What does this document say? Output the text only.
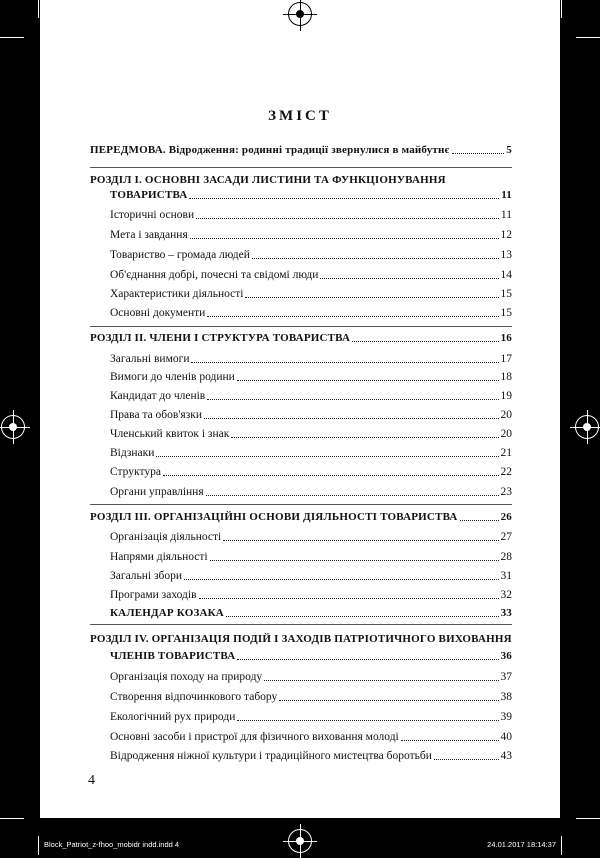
ЗМІСТ
ПЕРЕДМОВА. Відродження: родинні традиції звернулися в майбутнє	5
РОЗДІЛ І. ОСНОВНІ ЗАСАДИ ЛИСТИНИ ТА ФУНКЦІОНУВАННЯ
ТОВАРИСТВА	11
Історичні основи	11
Мета і завдання	12
Товариство – громада людей	13
Об'єднання добрі, почесні та свідомі люди	14
Характеристики діяльності	15
Основні документи	15
РОЗДІЛ ІІ. ЧЛЕНИ І СТРУКТУРА ТОВАРИСТВА	16
Загальні вимоги	17
Вимоги до членів родини	18
Кандидат до членів	19
Права та обов'язки	20
Членський квиток і знак	20
Відзнаки	21
Структура	22
Органи управління	23
РОЗДІЛ ІІІ. ОРГАНІЗАЦІЙНІ ОСНОВИ ДІЯЛЬНОСТІ ТОВАРИСТВА	26
Організація діяльності	27
Напрями діяльності	28
Загальні збори	31
Програми заходів	32
КАЛЕНДАР КОЗАКА	33
РОЗДІЛ IV. ОРГАНІЗАЦІЯ ПОДІЙ І ЗАХОДІВ ПАТРІОТИЧНОГО ВИХОВАННЯ
ЧЛЕНІВ ТОВАРИСТВА	36
Організація походу на природу	37
Створення відпочинкового табору	38
Екологічний рух природи	39
Основні засоби і пристрої для фізичного виховання молоді	40
Відродження ніжної культури і традиційного мистецтва боротьби	43
4
Block_Patriot_z-fhoo_mobidr indd.indd 4	24.01.2017 18:14:37
